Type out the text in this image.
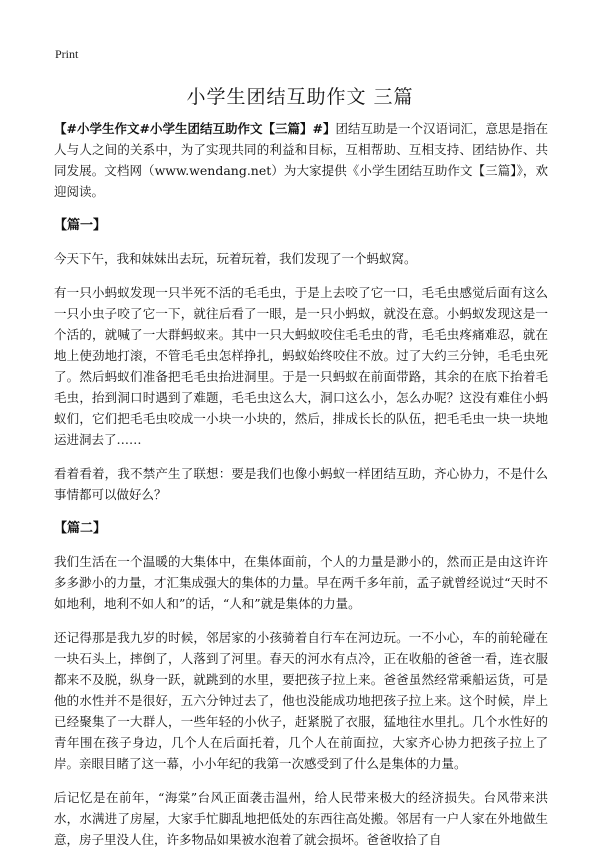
Print
小学生团结互助作文 三篇

【#小学生作文#小学生团结互助作文【三篇】#】团结互助是一个汉语词汇，意思是指在人与人之间的关系中，为了实现共同的利益和目标，互相帮助、互相支持、团结协作、共同发展。文档网（www.wendang.net）为大家提供《小学生团结互助作文【三篇】》，欢迎阅读。

【篇一】

今天下午，我和妹妹出去玩，玩着玩着，我们发现了一个蚂蚁窝。

有一只小蚂蚁发现一只半死不活的毛毛虫，于是上去咬了它一口，毛毛虫感觉后面有这么一只小虫子咬了它一下，就往后看了一眼，是一只小蚂蚁，就没在意。小蚂蚁发现这是一个活的，就喊了一大群蚂蚁来。其中一只大蚂蚁咬住毛毛虫的背，毛毛虫疼痛难忍，就在地上使劲地打滚，不管毛毛虫怎样挣扎，蚂蚁始终咬住不放。过了大约三分钟，毛毛虫死了。然后蚂蚁们准备把毛毛虫抬进洞里。于是一只蚂蚁在前面带路，其余的在底下抬着毛毛虫，抬到洞口时遇到了难题，毛毛虫这么大，洞口这么小，怎么办呢？这没有难住小蚂蚁们，它们把毛毛虫咬成一小块一小块的，然后，排成长长的队伍，把毛毛虫一块一块地运进洞去了……

看着看着，我不禁产生了联想：要是我们也像小蚂蚁一样团结互助，齐心协力，不是什么事情都可以做好么？

【篇二】

我们生活在一个温暖的大集体中，在集体面前，个人的力量是渺小的，然而正是由这许许多多渺小的力量，才汇集成强大的集体的力量。早在两千多年前，孟子就曾经说过“天时不如地利，地利不如人和”的话，“人和”就是集体的力量。

还记得那是我九岁的时候，邻居家的小孩骑着自行车在河边玩。一不小心，车的前轮碰在一块石头上，摔倒了，人落到了河里。春天的河水有点冷，正在收船的爸爸一看，连衣服都来不及脱，纵身一跃，就跳到的水里，要把孩子拉上来。爸爸虽然经常乘船运货，可是他的水性并不是很好，五六分钟过去了，他也没能成功地把孩子拉上来。这个时候，岸上已经聚集了一大群人，一些年轻的小伙子，赶紧脱了衣服，猛地往水里扎。几个水性好的青年围在孩子身边，几个人在后面托着，几个人在前面拉，大家齐心协力把孩子拉上了岸。亲眼目睹了这一幕，小小年纪的我第一次感受到了什么是集体的力量。

后记忆是在前年，“海棠”台风正面袭击温州，给人民带来极大的经济损失。台风带来洪水，水满进了房屋，大家手忙脚乱地把低处的东西往高处搬。邻居有一户人家在外地做生意，房子里没人住，许多物品如果被水泡着了就会损坏。爸爸收拾了自
